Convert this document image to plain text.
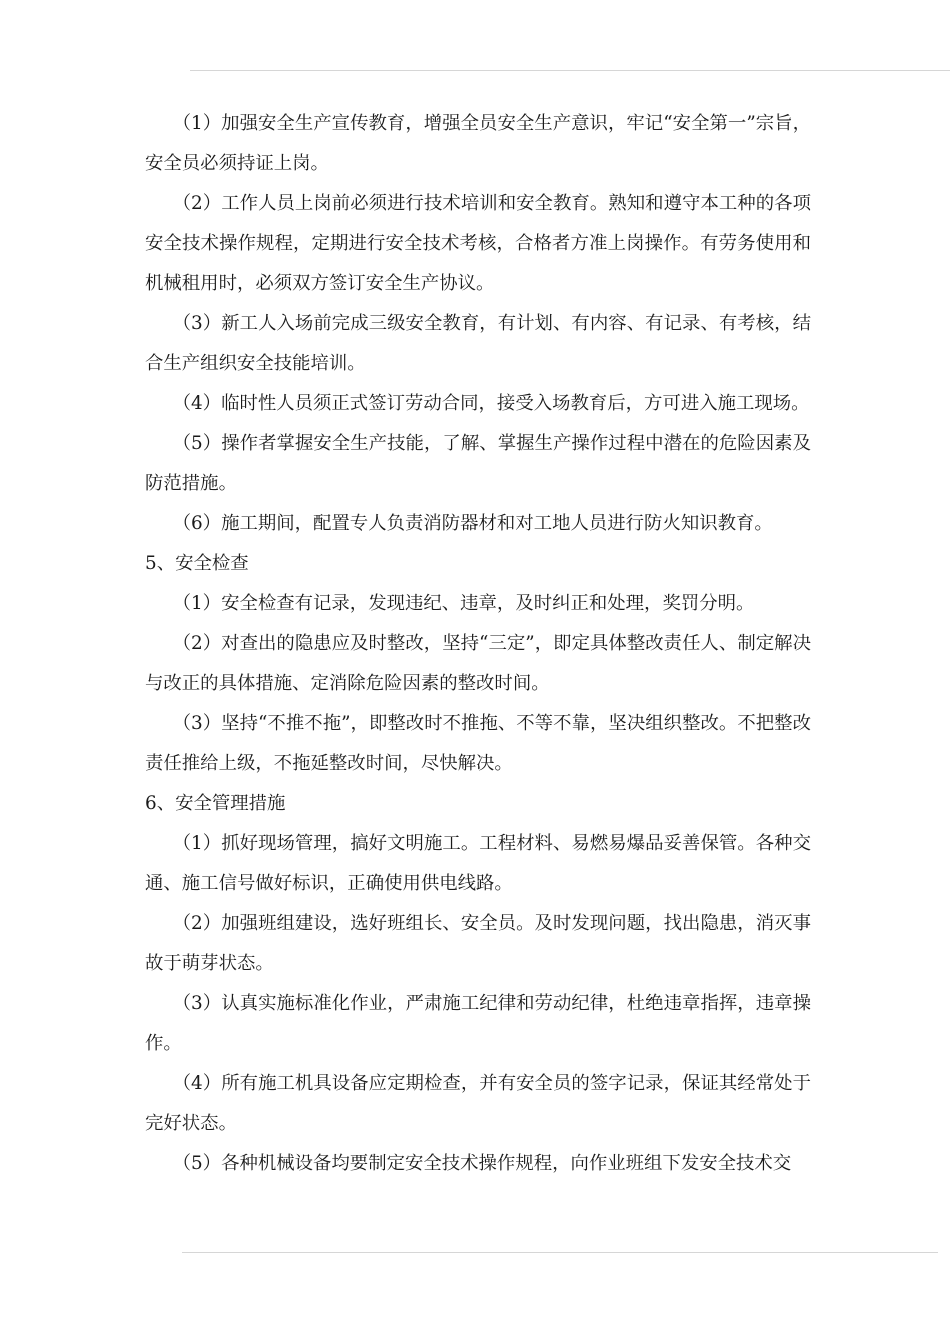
（1）加强安全生产宣传教育，增强全员安全生产意识，牢记“安全第一”宗旨，安全员必须持证上岗。

（2）工作人员上岗前必须进行技术培训和安全教育。熟知和遵守本工种的各项安全技术操作规程，定期进行安全技术考核，合格者方准上岗操作。有劳务使用和机械租用时，必须双方签订安全生产协议。

（3）新工人入场前完成三级安全教育，有计划、有内容、有记录、有考核，结合生产组织安全技能培训。

（4）临时性人员须正式签订劳动合同，接受入场教育后，方可进入施工现场。

（5）操作者掌握安全生产技能，了解、掌握生产操作过程中潜在的危险因素及防范措施。

（6）施工期间，配置专人负责消防器材和对工地人员进行防火知识教育。

5、安全检查

（1）安全检查有记录，发现违纪、违章，及时纠正和处理，奖罚分明。

（2）对查出的隐患应及时整改，坚持“三定”，即定具体整改责任人、制定解决与改正的具体措施、定消除危险因素的整改时间。

（3）坚持“不推不拖”，即整改时不推拖、不等不靠，坚决组织整改。不把整改责任推给上级，不拖延整改时间，尽快解决。

6、安全管理措施

（1）抓好现场管理，搞好文明施工。工程材料、易燃易爆品妥善保管。各种交通、施工信号做好标识，正确使用供电线路。

（2）加强班组建设，选好班组长、安全员。及时发现问题，找出隐患，消灭事故于萌芽状态。

（3）认真实施标准化作业，严肃施工纪律和劳动纪律，杜绝违章指挥，违章操作。

（4）所有施工机具设备应定期检查，并有安全员的签字记录，保证其经常处于完好状态。

（5）各种机械设备均要制定安全技术操作规程，向作业班组下发安全技术交
